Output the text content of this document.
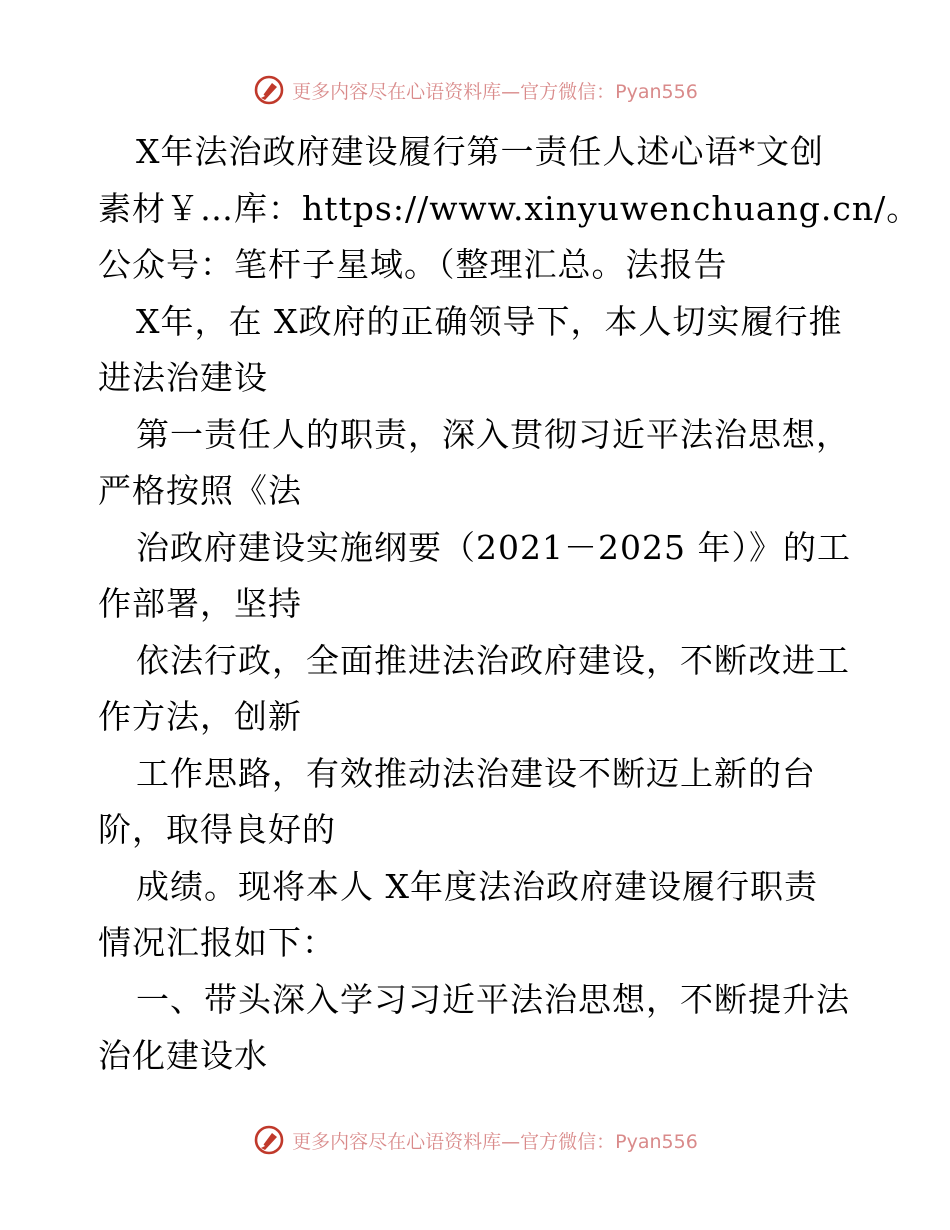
更多内容尽在心语资料库—官方微信：Pyan556
X年法治政府建设履行第一责任人述心语*文创
素材￥…库：https://www.xinyuwenchuang.cn/。
公众号：笔杆子星域。（整理汇总。法报告
X年，在 X政府的正确领导下，本人切实履行推
进法治建设
第一责任人的职责，深入贯彻习近平法治思想，
严格按照《法
治政府建设实施纲要（2021－2025 年）》的工
作部署，坚持
依法行政，全面推进法治政府建设，不断改进工
作方法，创新
工作思路，有效推动法治建设不断迈上新的台
阶，取得良好的
成绩。现将本人 X年度法治政府建设履行职责
情况汇报如下：
一、带头深入学习习近平法治思想，不断提升法
治化建设水
更多内容尽在心语资料库—官方微信：Pyan556
